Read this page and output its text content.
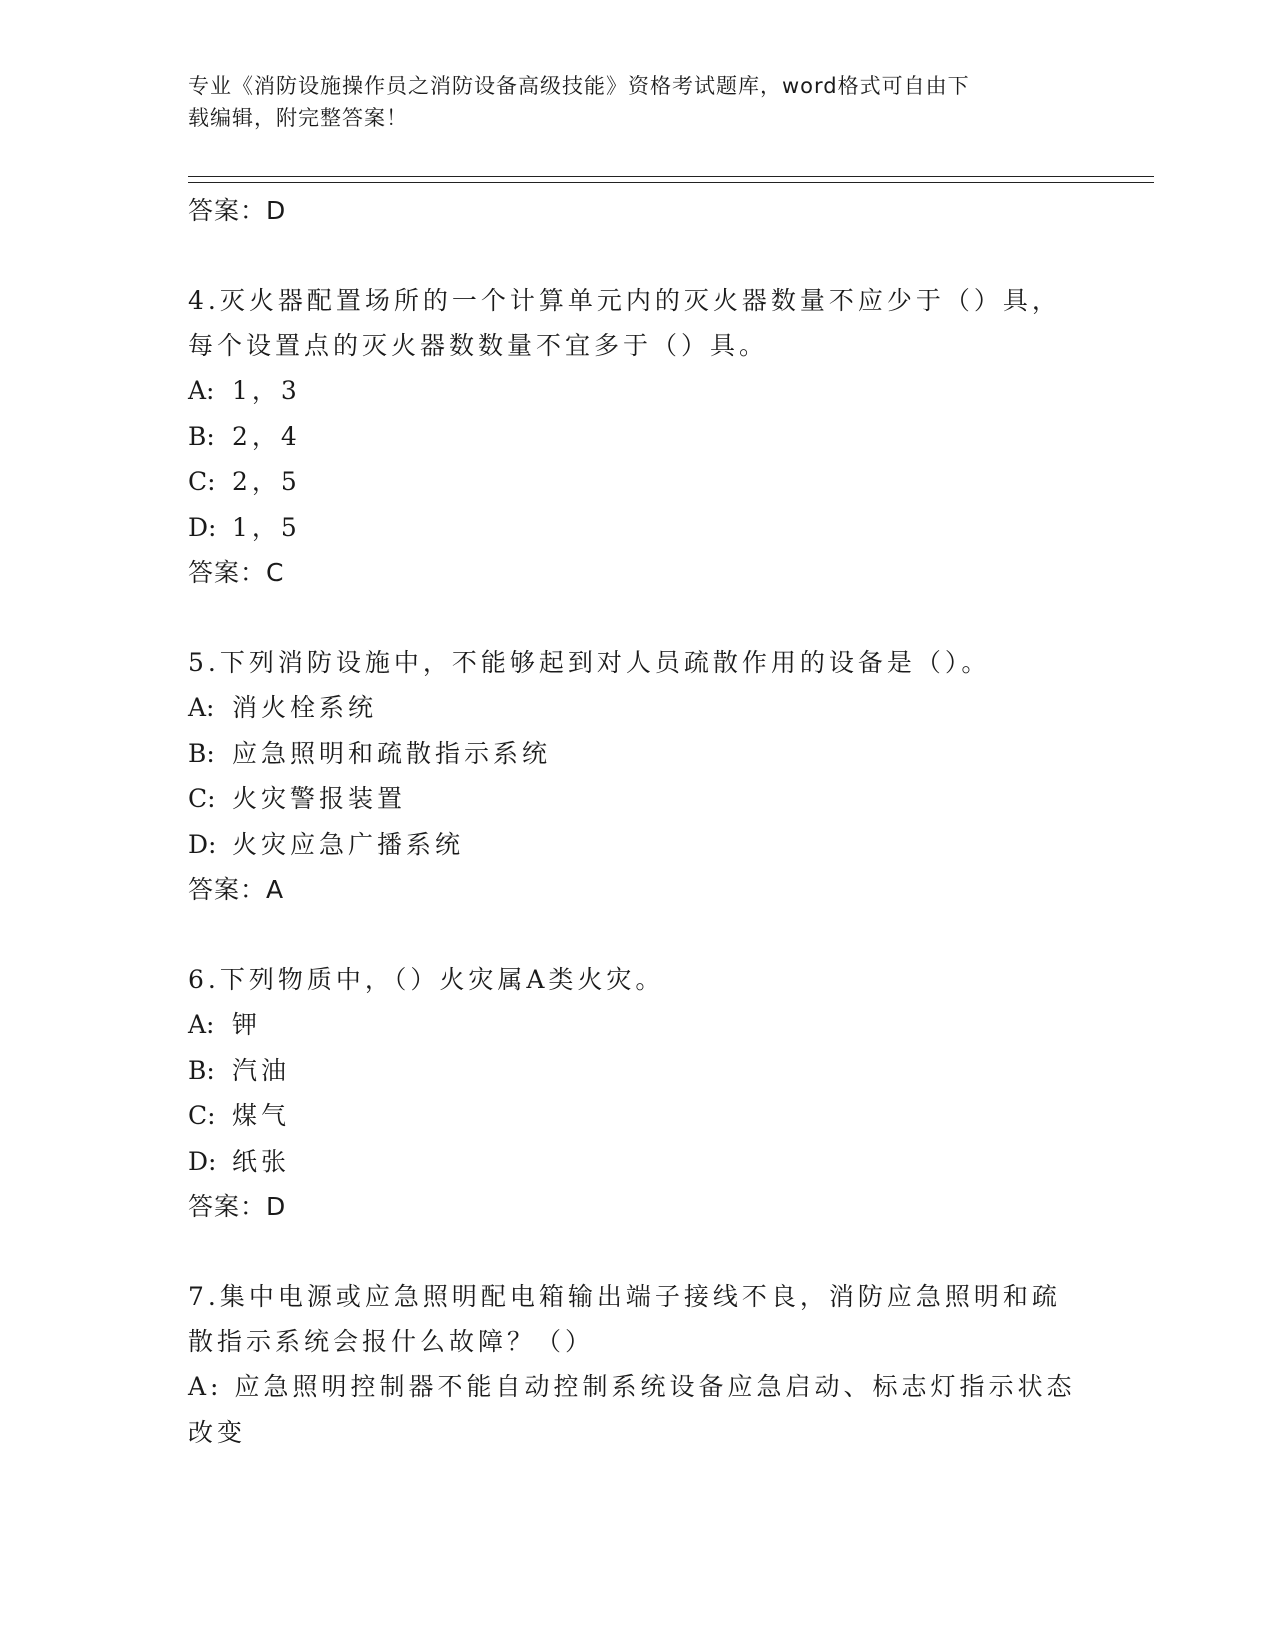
专业《消防设施操作员之消防设备高级技能》资格考试题库，word格式可自由下
载编辑，附完整答案！

答案：D

4.灭火器配置场所的一个计算单元内的灭火器数量不应少于（）具，每个设置点的灭火器数数量不宜多于（）具。

A: 1，3

B: 2，4

C: 2，5

D: 1，5

答案：C

5.下列消防设施中，不能够起到对人员疏散作用的设备是（）。

A: 消火栓系统

B: 应急照明和疏散指示系统

C: 火灾警报装置

D: 火灾应急广播系统

答案：A

6.下列物质中，（）火灾属A类火灾。

A: 钾

B: 汽油

C: 煤气

D: 纸张

答案：D

7.集中电源或应急照明配电箱输出端子接线不良，消防应急照明和疏散指示系统会报什么故障？（）

A: 应急照明控制器不能自动控制系统设备应急启动、标志灯指示状态改变
